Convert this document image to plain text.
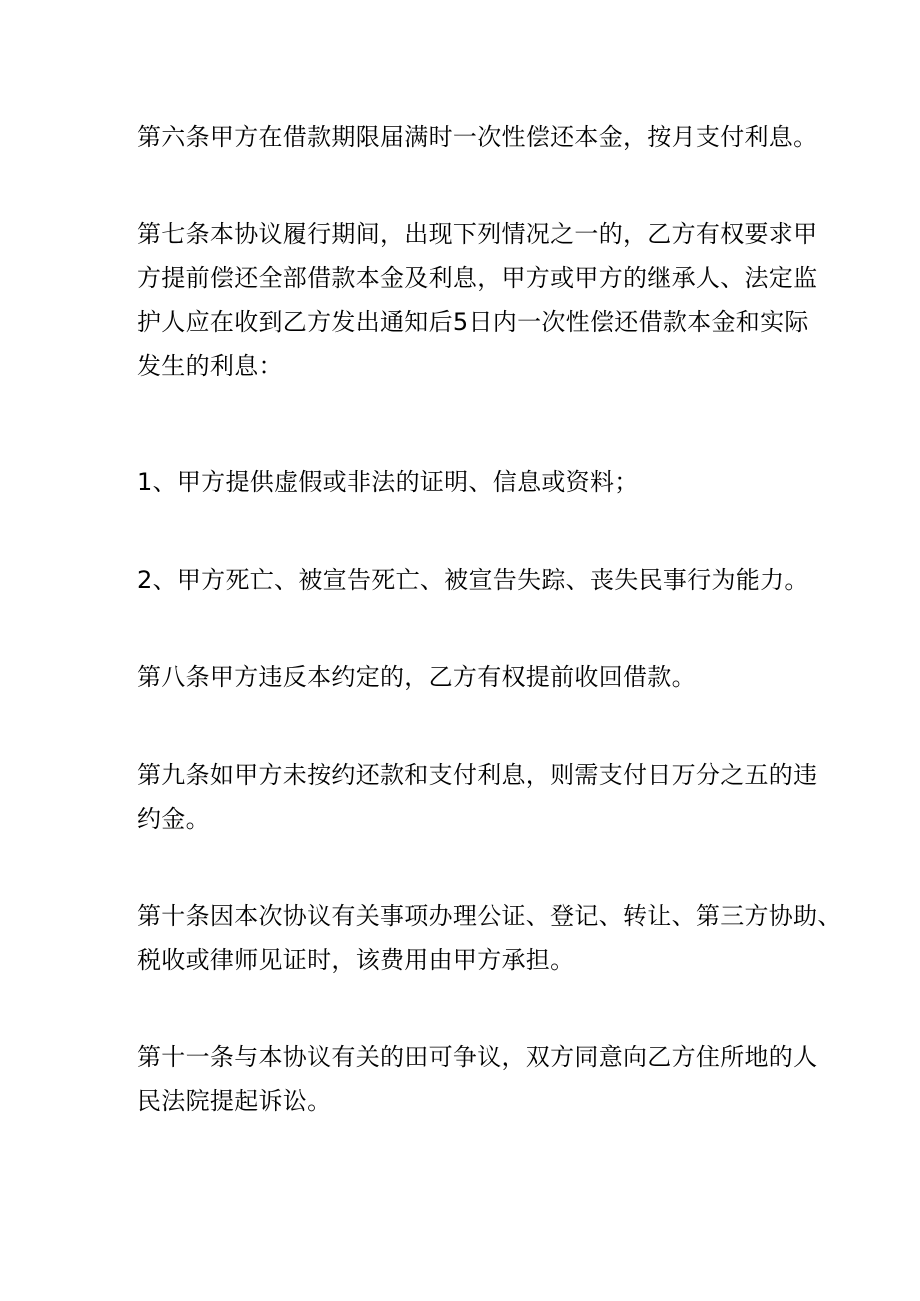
第六条甲方在借款期限届满时一次性偿还本金，按月支付利息。

第七条本协议履行期间，出现下列情况之一的，乙方有权要求甲
方提前偿还全部借款本金及利息，甲方或甲方的继承人、法定监
护人应在收到乙方发出通知后5日内一次性偿还借款本金和实际
发生的利息：

1、甲方提供虚假或非法的证明、信息或资料；

2、甲方死亡、被宣告死亡、被宣告失踪、丧失民事行为能力。

第八条甲方违反本约定的，乙方有权提前收回借款。

第九条如甲方未按约还款和支付利息，则需支付日万分之五的违
约金。

第十条因本次协议有关事项办理公证、登记、转让、第三方协助、
税收或律师见证时，该费用由甲方承担。

第十一条与本协议有关的田可争议，双方同意向乙方住所地的人
民法院提起诉讼。
